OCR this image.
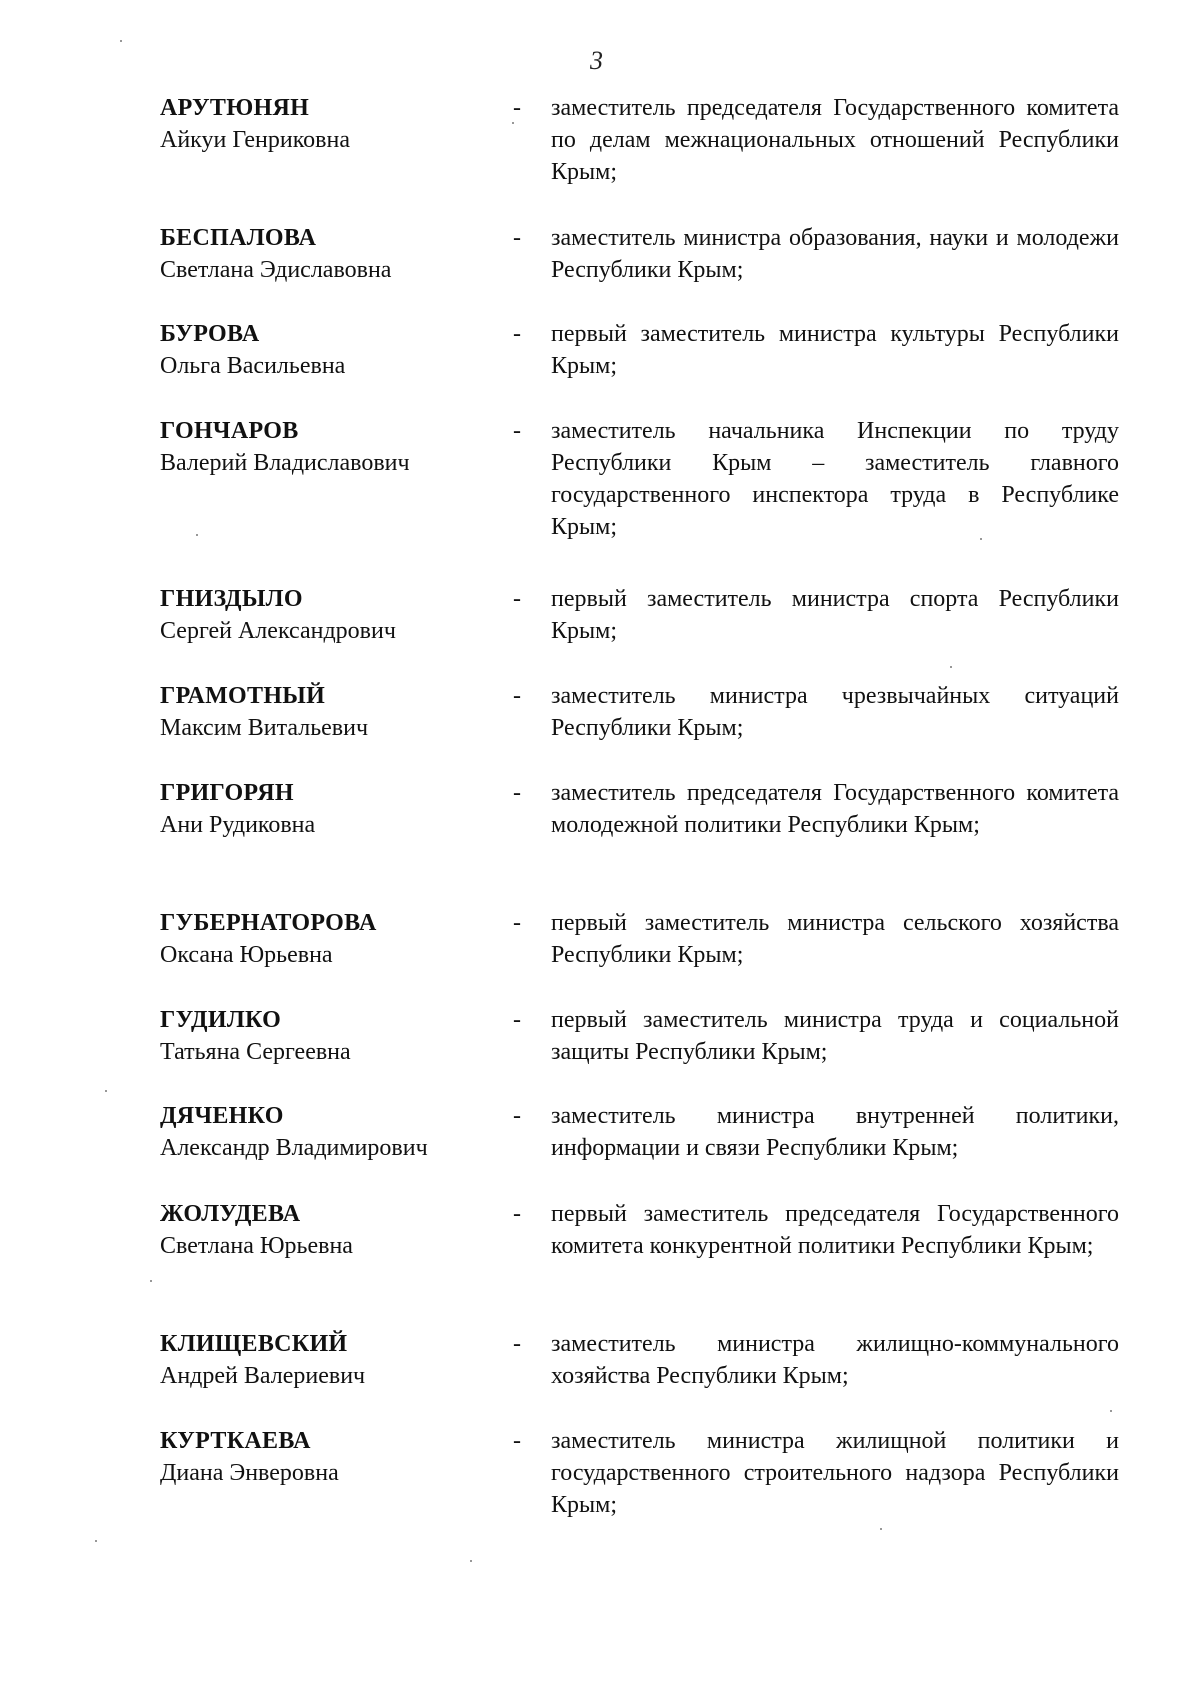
3
АРУТЮНЯН
Айкуи Генриковна
- заместитель председателя Государственного комитета по делам межнациональных отношений Республики Крым;
БЕСПАЛОВА
Светлана Эдиславовна
- заместитель министра образования, науки и молодежи Республики Крым;
БУРОВА
Ольга Васильевна
- первый заместитель министра культуры Республики Крым;
ГОНЧАРОВ
Валерий Владиславович
- заместитель начальника Инспекции по труду Республики Крым – заместитель главного государственного инспектора труда в Республике Крым;
ГНИЗДЫЛО
Сергей Александрович
- первый заместитель министра спорта Республики Крым;
ГРАМОТНЫЙ
Максим Витальевич
- заместитель министра чрезвычайных ситуаций Республики Крым;
ГРИГОРЯН
Ани Рудиковна
- заместитель председателя Государственного комитета молодежной политики Республики Крым;
ГУБЕРНАТОРОВА
Оксана Юрьевна
- первый заместитель министра сельского хозяйства Республики Крым;
ГУДИЛКО
Татьяна Сергеевна
- первый заместитель министра труда и социальной защиты Республики Крым;
ДЯЧЕНКО
Александр Владимирович
- заместитель министра внутренней политики, информации и связи Республики Крым;
ЖОЛУДЕВА
Светлана Юрьевна
- первый заместитель председателя Государственного комитета конкурентной политики Республики Крым;
КЛИЩЕВСКИЙ
Андрей Валериевич
- заместитель министра жилищно-коммунального хозяйства Республики Крым;
КУРТКАЕВА
Диана Энверовна
- заместитель министра жилищной политики и государственного строительного надзора Республики Крым;
